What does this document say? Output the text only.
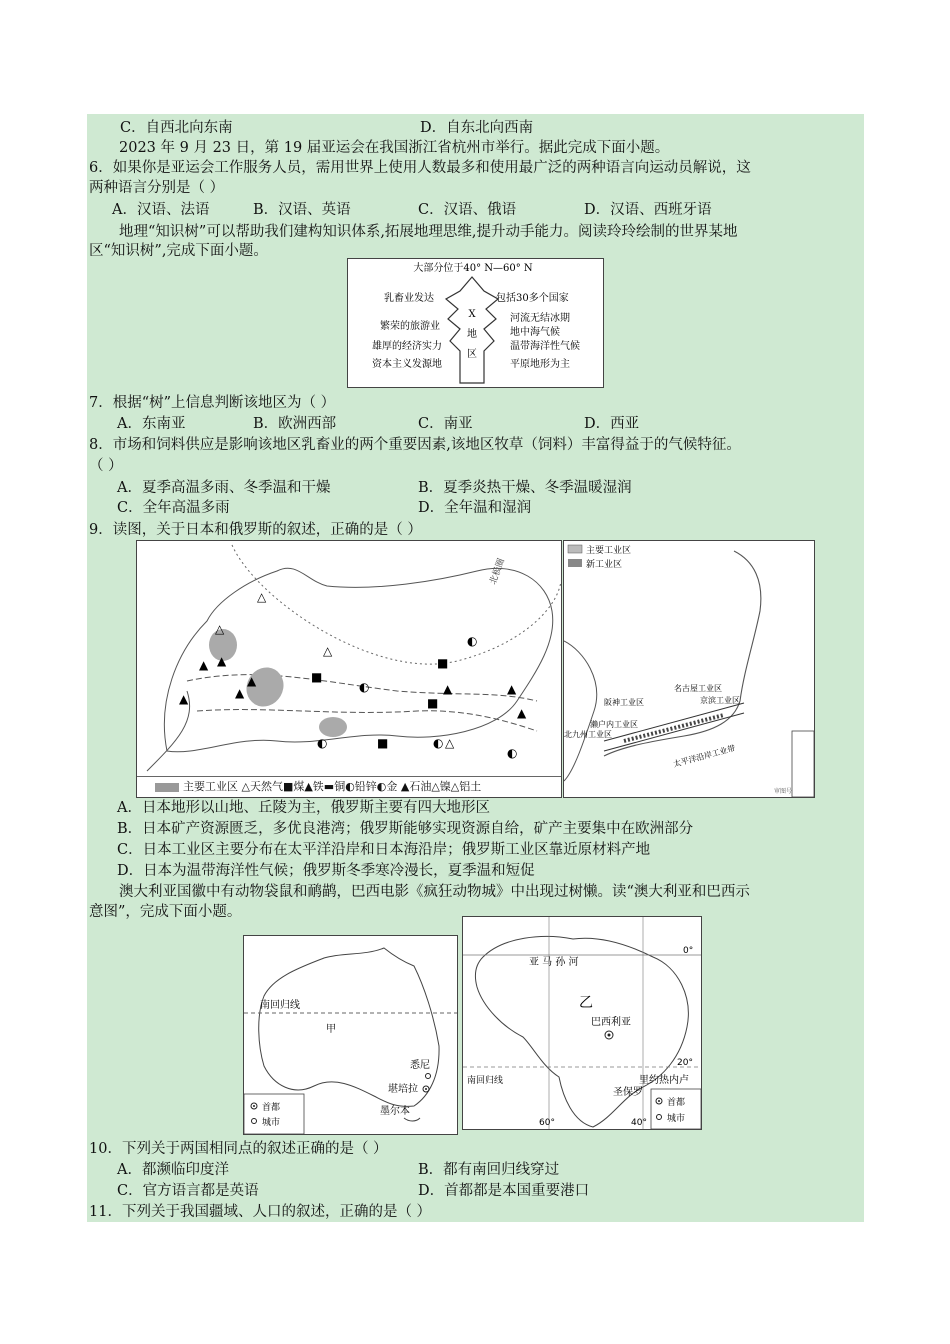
C．自西北向东南	D．自东北向西南
2023 年 9 月 23 日，第 19 届亚运会在我国浙江省杭州市举行。据此完成下面小题。
6．如果你是亚运会工作服务人员，需用世界上使用人数最多和使用最广泛的两种语言向运动员解说，这
两种语言分别是（ ）
A．汉语、法语	B．汉语、英语	C．汉语、俄语	D．汉语、西班牙语
地理“知识树”可以帮助我们建构知识体系,拓展地理思维,提升动手能力。阅读玲玲绘制的世界某地
区“知识树”,完成下面小题。
大部分位于40° N—60° N
X
地
区
乳畜业发达
繁荣的旅游业
雄厚的经济实力
资本主义发源地
包括30多个国家
河流无结冰期
地中海气候
温带海洋性气候
平原地形为主
7．根据“树”上信息判断该地区为（ ）
A．东南亚	B．欧洲西部	C．南亚	D．西亚
8．市场和饲料供应是影响该地区乳畜业的两个重要因素,该地区牧草（饲料）丰富得益于的气候特征。
（ ）
A．夏季高温多雨、冬季温和干燥	B．夏季炎热干燥、冬季温暖湿润
C．全年高温多雨	D．全年温和湿润
9．读图，关于日本和俄罗斯的叙述，正确的是（ ）
北极圈
△
△
△
▲ ▲
▲
▲
▲
■
■
■
■
◐
◐
◐
▲	▲
▲
△
◐
◐
主要工业区 △天然气■煤▲铁▬铜◐铅锌◐金 ▲石油△镍△铝土
主要工业区
新工业区
名古屋工业区
阪神工业区	京滨工业区
濑户内工业区
北九州工业区
太平洋沿岸工业带
审图号
A．日本地形以山地、丘陵为主，俄罗斯主要有四大地形区
B．日本矿产资源匮乏，多优良港湾；俄罗斯能够实现资源自给，矿产主要集中在欧洲部分
C．日本工业区主要分布在太平洋沿岸和日本海沿岸；俄罗斯工业区靠近原材料产地
D．日本为温带海洋性气候；俄罗斯冬季寒冷漫长，夏季温和短促
澳大利亚国徽中有动物袋鼠和鸸鹋，巴西电影《疯狂动物城》中出现过树懒。读“澳大利亚和巴西示
意图”，完成下面小题。
南回归线
甲
悉尼
堪培拉
墨尔本
首都
城市
0°
20°
南回归线
60°	40°
亚 马 孙 河
乙
巴西利亚
里约热内卢
圣保罗
首都
城市
10．下列关于两国相同点的叙述正确的是（ ）
A．都濒临印度洋	B．都有南回归线穿过
C．官方语言都是英语	D．首都都是本国重要港口
11．下列关于我国疆域、人口的叙述，正确的是（ ）
